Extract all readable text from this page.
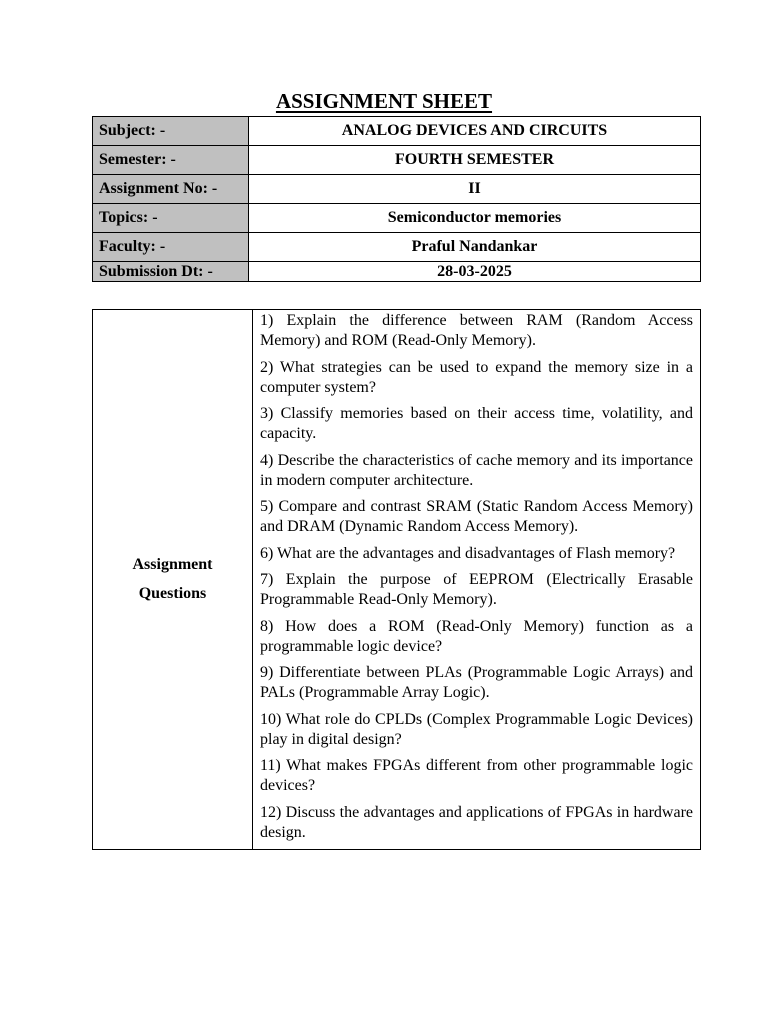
ASSIGNMENT SHEET
Subject: -	ANALOG DEVICES AND CIRCUITS
Semester: -	FOURTH SEMESTER
Assignment No: -	II
Topics: -	Semiconductor memories
Faculty: -	Praful Nandankar
Submission Dt: -	28-03-2025
Assignment
Questions

1) Explain the difference between RAM (Random Access Memory) and ROM (Read-Only Memory).
2) What strategies can be used to expand the memory size in a computer system?
3) Classify memories based on their access time, volatility, and capacity.
4) Describe the characteristics of cache memory and its importance in modern computer architecture.
5) Compare and contrast SRAM (Static Random Access Memory) and DRAM (Dynamic Random Access Memory).
6) What are the advantages and disadvantages of Flash memory?
7) Explain the purpose of EEPROM (Electrically Erasable Programmable Read-Only Memory).
8) How does a ROM (Read-Only Memory) function as a programmable logic device?
9) Differentiate between PLAs (Programmable Logic Arrays) and PALs (Programmable Array Logic).
10) What role do CPLDs (Complex Programmable Logic Devices) play in digital design?
11) What makes FPGAs different from other programmable logic devices?
12) Discuss the advantages and applications of FPGAs in hardware design.
